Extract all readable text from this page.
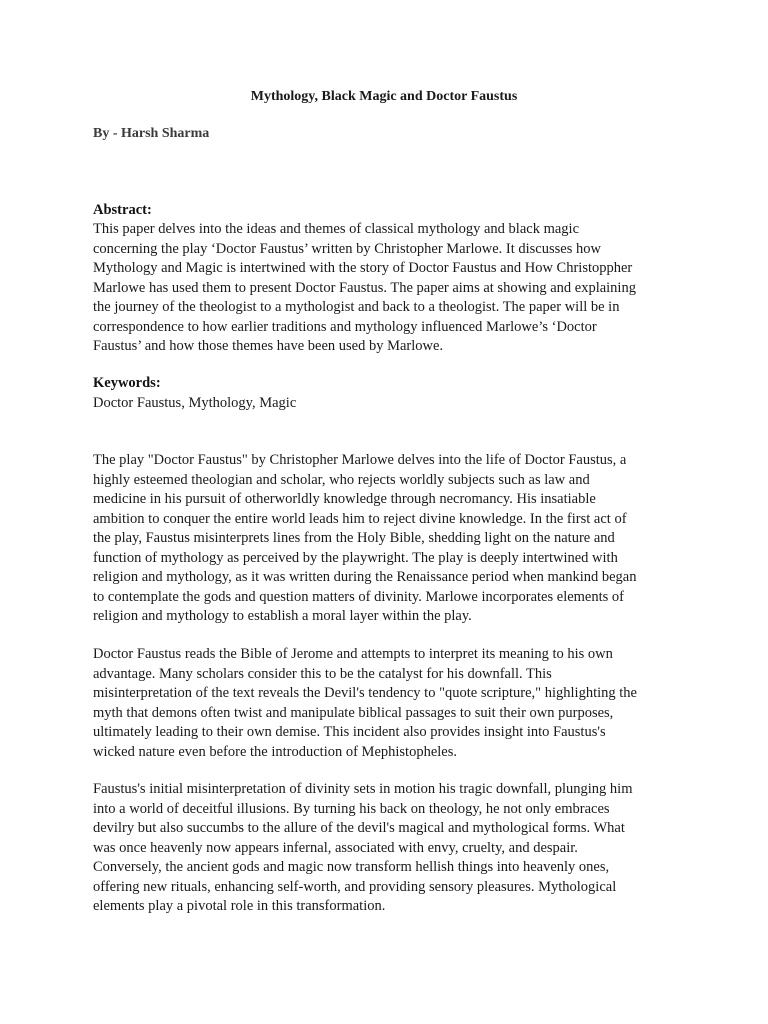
Mythology, Black Magic and Doctor Faustus
By - Harsh Sharma
Abstract:
This paper delves into the ideas and themes of classical mythology and black magic
concerning the play ‘Doctor Faustus’ written by Christopher Marlowe. It discusses how
Mythology and Magic is intertwined with the story of Doctor Faustus and How Christoppher
Marlowe has used them to present Doctor Faustus. The paper aims at showing and explaining
the journey of the theologist to a mythologist and back to a theologist. The paper will be in
correspondence to how earlier traditions and mythology influenced Marlowe’s ‘Doctor
Faustus’ and how those themes have been used by Marlowe.
Keywords:
Doctor Faustus, Mythology, Magic
The play "Doctor Faustus" by Christopher Marlowe delves into the life of Doctor Faustus, a
highly esteemed theologian and scholar, who rejects worldly subjects such as law and
medicine in his pursuit of otherworldly knowledge through necromancy. His insatiable
ambition to conquer the entire world leads him to reject divine knowledge. In the first act of
the play, Faustus misinterprets lines from the Holy Bible, shedding light on the nature and
function of mythology as perceived by the playwright. The play is deeply intertwined with
religion and mythology, as it was written during the Renaissance period when mankind began
to contemplate the gods and question matters of divinity. Marlowe incorporates elements of
religion and mythology to establish a moral layer within the play.
Doctor Faustus reads the Bible of Jerome and attempts to interpret its meaning to his own
advantage. Many scholars consider this to be the catalyst for his downfall. This
misinterpretation of the text reveals the Devil's tendency to "quote scripture," highlighting the
myth that demons often twist and manipulate biblical passages to suit their own purposes,
ultimately leading to their own demise. This incident also provides insight into Faustus's
wicked nature even before the introduction of Mephistopheles.
Faustus's initial misinterpretation of divinity sets in motion his tragic downfall, plunging him
into a world of deceitful illusions. By turning his back on theology, he not only embraces
devilry but also succumbs to the allure of the devil's magical and mythological forms. What
was once heavenly now appears infernal, associated with envy, cruelty, and despair.
Conversely, the ancient gods and magic now transform hellish things into heavenly ones,
offering new rituals, enhancing self-worth, and providing sensory pleasures. Mythological
elements play a pivotal role in this transformation.
